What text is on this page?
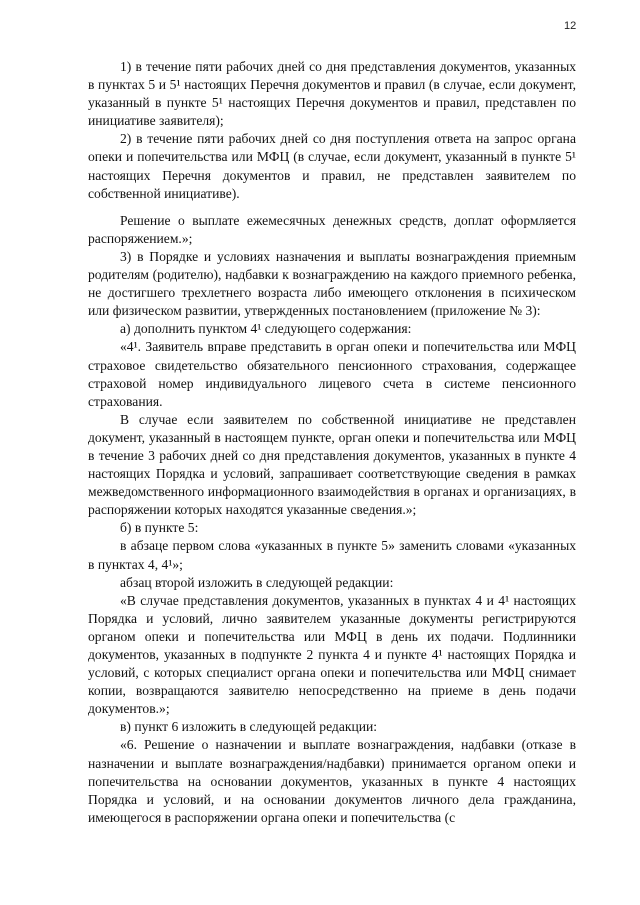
12

1) в течение пяти рабочих дней со дня представления документов, указанных в пунктах 5 и 5¹ настоящих Перечня документов и правил (в случае, если документ, указанный в пункте 5¹ настоящих Перечня документов и правил, представлен по инициативе заявителя);

2) в течение пяти рабочих дней со дня поступления ответа на запрос органа опеки и попечительства или МФЦ (в случае, если документ, указанный в пункте 5¹ настоящих Перечня документов и правил, не представлен заявителем по собственной инициативе).

Решение о выплате ежемесячных денежных средств, доплат оформляется распоряжением.»;

3) в Порядке и условиях назначения и выплаты вознаграждения приемным родителям (родителю), надбавки к вознаграждению на каждого приемного ребенка, не достигшего трехлетнего возраста либо имеющего отклонения в психическом или физическом развитии, утвержденных постановлением (приложение № 3):

а) дополнить пунктом 4¹ следующего содержания:

«4¹. Заявитель вправе представить в орган опеки и попечительства или МФЦ страховое свидетельство обязательного пенсионного страхования, содержащее страховой номер индивидуального лицевого счета в системе пенсионного страхования.

В случае если заявителем по собственной инициативе не представлен документ, указанный в настоящем пункте, орган опеки и попечительства или МФЦ в течение 3 рабочих дней со дня представления документов, указанных в пункте 4 настоящих Порядка и условий, запрашивает соответствующие сведения в рамках межведомственного информационного взаимодействия в органах и организациях, в распоряжении которых находятся указанные сведения.»;

б) в пункте 5:

в абзаце первом слова «указанных в пункте 5» заменить словами «указанных в пунктах 4, 4¹»;

абзац второй изложить в следующей редакции:

«В случае представления документов, указанных в пунктах 4 и 4¹ настоящих Порядка и условий, лично заявителем указанные документы регистрируются органом опеки и попечительства или МФЦ в день их подачи. Подлинники документов, указанных в подпункте 2 пункта 4 и пункте 4¹ настоящих Порядка и условий, с которых специалист органа опеки и попечительства или МФЦ снимает копии, возвращаются заявителю непосредственно на приеме в день подачи документов.»;

в) пункт 6 изложить в следующей редакции:

«6. Решение о назначении и выплате вознаграждения, надбавки (отказе в назначении и выплате вознаграждения/надбавки) принимается органом опеки и попечительства на основании документов, указанных в пункте 4 настоящих Порядка и условий, и на основании документов личного дела гражданина, имеющегося в распоряжении органа опеки и попечительства (с
